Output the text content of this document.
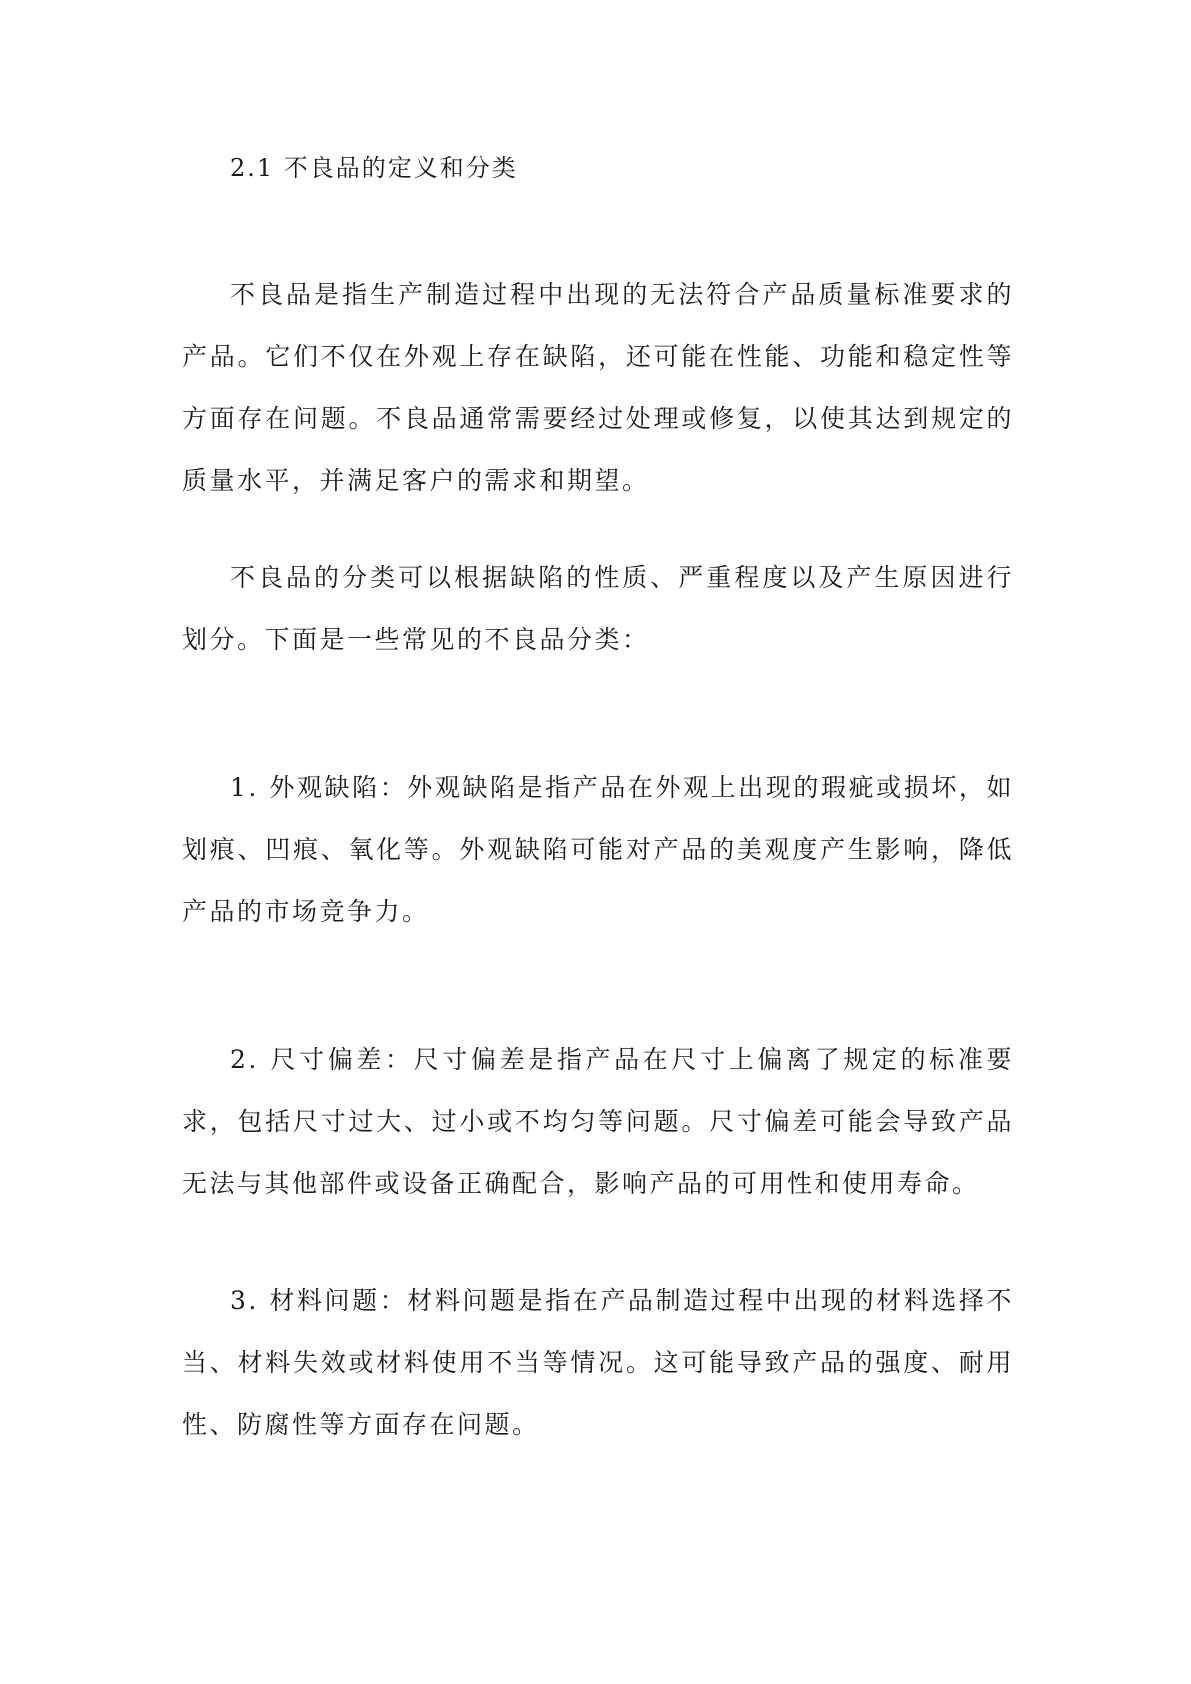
2.1 不良品的定义和分类

不良品是指生产制造过程中出现的无法符合产品质量标准要求的产品。它们不仅在外观上存在缺陷，还可能在性能、功能和稳定性等方面存在问题。不良品通常需要经过处理或修复，以使其达到规定的质量水平，并满足客户的需求和期望。

不良品的分类可以根据缺陷的性质、严重程度以及产生原因进行划分。下面是一些常见的不良品分类：

1. 外观缺陷：外观缺陷是指产品在外观上出现的瑕疵或损坏，如划痕、凹痕、氧化等。外观缺陷可能对产品的美观度产生影响，降低产品的市场竞争力。

2. 尺寸偏差：尺寸偏差是指产品在尺寸上偏离了规定的标准要求，包括尺寸过大、过小或不均匀等问题。尺寸偏差可能会导致产品无法与其他部件或设备正确配合，影响产品的可用性和使用寿命。

3. 材料问题：材料问题是指在产品制造过程中出现的材料选择不当、材料失效或材料使用不当等情况。这可能导致产品的强度、耐用性、防腐性等方面存在问题。
